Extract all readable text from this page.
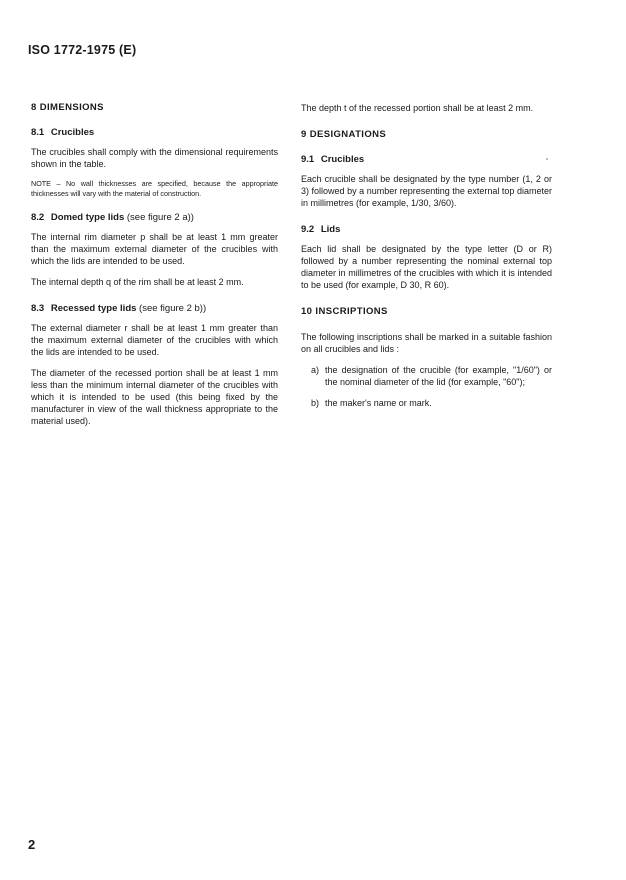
ISO 1772-1975 (E)
8 DIMENSIONS
8.1 Crucibles

The crucibles shall comply with the dimensional requirements shown in the table.

NOTE – No wall thicknesses are specified, because the appropriate thicknesses will vary with the material of construction.

8.2 Domed type lids (see figure 2 a))

The internal rim diameter p shall be at least 1 mm greater than the maximum external diameter of the crucibles with which the lids are intended to be used.

The internal depth q of the rim shall be at least 2 mm.

8.3 Recessed type lids (see figure 2 b))

The external diameter r shall be at least 1 mm greater than the maximum external diameter of the crucibles with which the lids are intended to be used.

The diameter of the recessed portion shall be at least 1 mm less than the minimum internal diameter of the crucibles with which it is intended to be used (this being fixed by the manufacturer in view of the wall thickness appropriate to the material used).

The depth t of the recessed portion shall be at least 2 mm.

9 DESIGNATIONS
9.1 Crucibles

Each crucible shall be designated by the type number (1, 2 or 3) followed by a number representing the external top diameter in millimetres (for example, 1/30, 3/60).

9.2 Lids

Each lid shall be designated by the type letter (D or R) followed by a number representing the nominal external top diameter in millimetres of the crucibles with which it is intended to be used (for example, D 30, R 60).

10 INSCRIPTIONS

The following inscriptions shall be marked in a suitable fashion on all crucibles and lids :

a) the designation of the crucible (for example, "1/60") or the nominal diameter of the lid (for example, "60");
b) the maker's name or mark.
2
